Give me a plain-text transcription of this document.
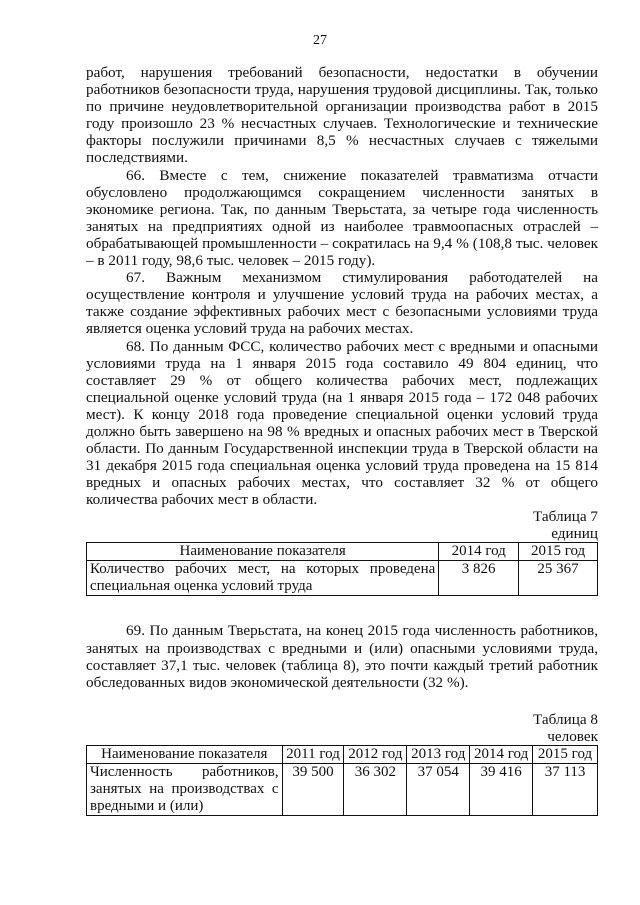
27

работ, нарушения требований безопасности, недостатки в обучении работников безопасности труда, нарушения трудовой дисциплины. Так, только по причине неудовлетворительной организации производства работ в 2015 году произошло 23 % несчастных случаев. Технологические и технические факторы послужили причинами 8,5 % несчастных случаев с тяжелыми последствиями.

66. Вместе с тем, снижение показателей травматизма отчасти обусловлено продолжающимся сокращением численности занятых в экономике региона. Так, по данным Тверьстата, за четыре года численность занятых на предприятиях одной из наиболее травмоопасных отраслей – обрабатывающей промышленности – сократилась на 9,4 % (108,8 тыс. человек – в 2011 году, 98,6 тыс. человек – 2015 году).

67. Важным механизмом стимулирования работодателей на осуществление контроля и улучшение условий труда на рабочих местах, а также создание эффективных рабочих мест с безопасными условиями труда является оценка условий труда на рабочих местах.

68. По данным ФСС, количество рабочих мест с вредными и опасными условиями труда на 1 января 2015 года составило 49 804 единиц, что составляет 29 % от общего количества рабочих мест, подлежащих специальной оценке условий труда (на 1 января 2015 года – 172 048 рабочих мест). К концу 2018 года проведение специальной оценки условий труда должно быть завершено на 98 % вредных и опасных рабочих мест в Тверской области. По данным Государственной инспекции труда в Тверской области на 31 декабря 2015 года специальная оценка условий труда проведена на 15 814 вредных и опасных рабочих местах, что составляет 32 % от общего количества рабочих мест в области.

Таблица 7

единиц

Наименование показателя	2014 год	2015 год
Количество рабочих мест, на которых проведена специальная оценка условий труда	3 826	25 367

69. По данным Тверьстата, на конец 2015 года численность работников, занятых на производствах с вредными и (или) опасными условиями труда, составляет 37,1 тыс. человек (таблица 8), это почти каждый третий работник обследованных видов экономической деятельности (32 %).

Таблица 8

человек

Наименование показателя	2011 год	2012 год	2013 год	2014 год	2015 год
Численность работников, занятых на производствах с вредными и (или)	39 500	36 302	37 054	39 416	37 113
